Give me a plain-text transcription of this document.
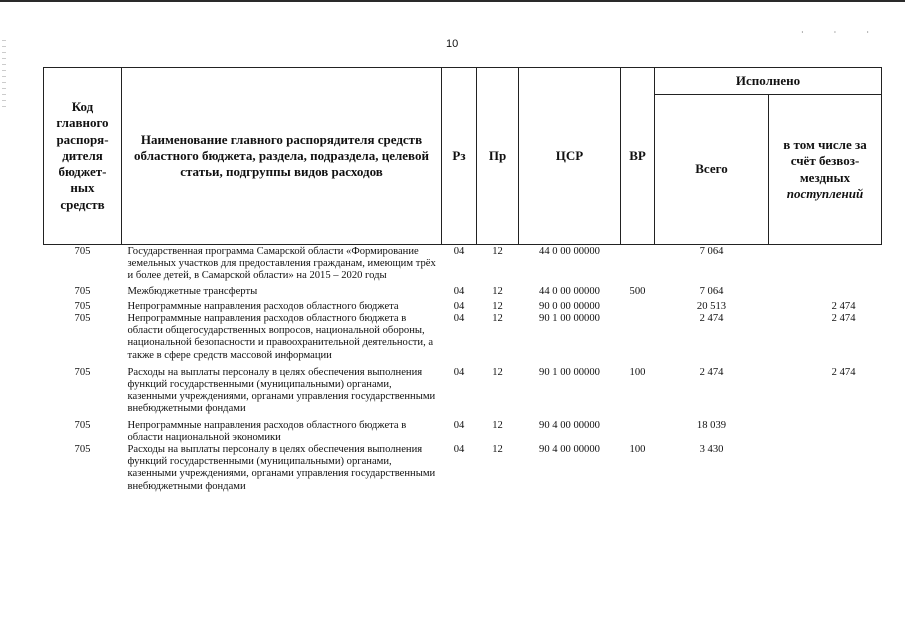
· · ·
10
Код главного распоря-дителя бюджет-ных средств	Наименование главного распорядителя средств областного бюджета, раздела, подраздела, целевой статьи, подгруппы видов расходов	Рз	Пр	ЦСР	ВР	Исполнено	
						Всего	в том числе за счёт безвоз-мездных
поступлений
705	Государственная программа Самарской области «Формирование земельных участков для предоставления гражданам, имеющим трёх и более детей, в Самарской области» на 2015 – 2020 годы	04	12	44 0 00 00000		7 064	
705	Межбюджетные трансферты	04	12	44 0 00 00000	500	7 064	
705	Непрограммные направления расходов областного бюджета	04	12	90 0 00 00000		20 513	2 474
705	Непрограммные направления расходов областного бюджета в области общегосударственных вопросов, национальной обороны, национальной безопасности и правоохранительной деятельности, а также в сфере средств массовой информации	04	12	90 1 00 00000		2 474	2 474
705	Расходы на выплаты персоналу в целях обеспечения выполнения функций государственными (муниципальными) органами, казенными учреждениями, органами управления государственными внебюджетными фондами	04	12	90 1 00 00000	100	2 474	2 474
705	Непрограммные направления расходов областного бюджета в области национальной экономики	04	12	90 4 00 00000		18 039	
705	Расходы на выплаты персоналу в целях обеспечения выполнения функций государственными (муниципальными) органами, казенными учреждениями, органами управления государственными внебюджетными фондами	04	12	90 4 00 00000	100	3 430	
